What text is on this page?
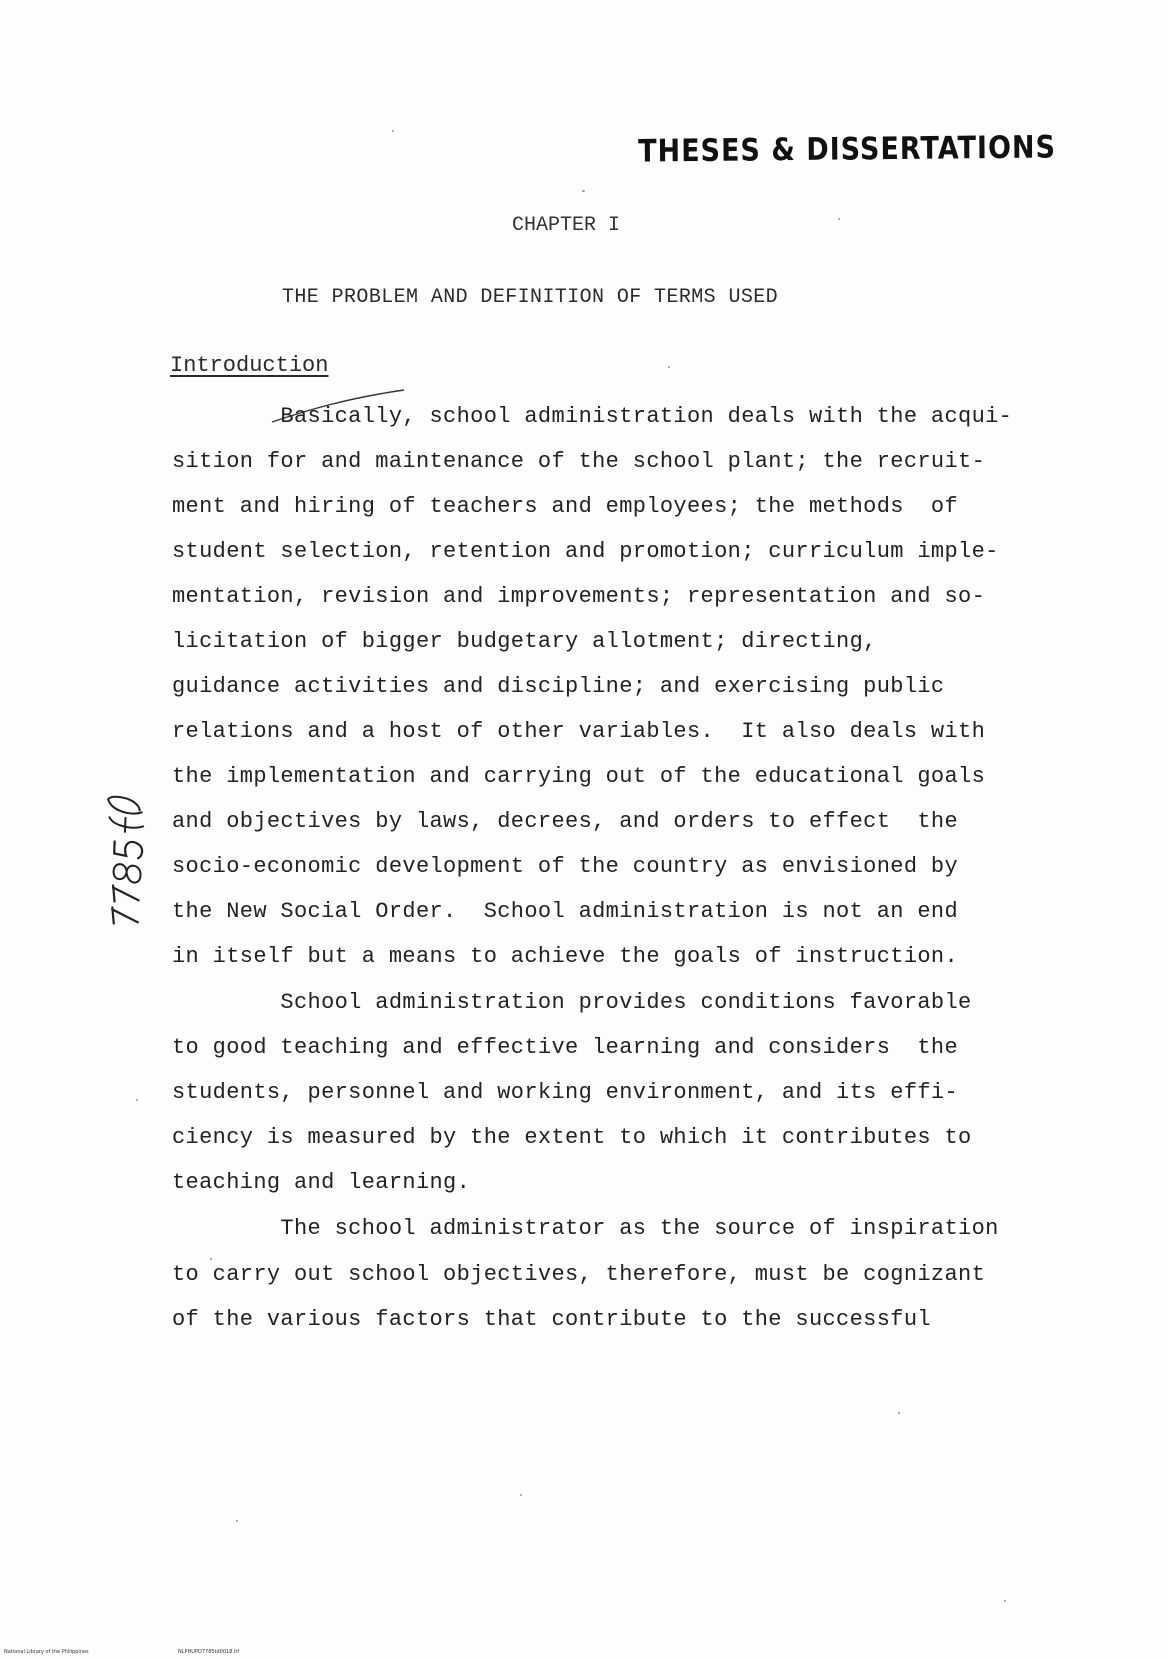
THESES & DISSERTATIONS
CHAPTER I
THE PROBLEM AND DEFINITION OF TERMS USED
Introduction
Basically, school administration deals with the acqui-
sition for and maintenance of the school plant; the recruit-
ment and hiring of teachers and employees; the methods  of
student selection, retention and promotion; curriculum imple-
mentation, revision and improvements; representation and so-
licitation of bigger budgetary allotment; directing,
guidance activities and discipline; and exercising public
relations and a host of other variables.  It also deals with
the implementation and carrying out of the educational goals
and objectives by laws, decrees, and orders to effect  the
socio-economic development of the country as envisioned by
the New Social Order.  School administration is not an end
in itself but a means to achieve the goals of instruction.
School administration provides conditions favorable
to good teaching and effective learning and considers  the
students, personnel and working environment, and its effi-
ciency is measured by the extent to which it contributes to
teaching and learning.
The school administrator as the source of inspiration
to carry out school objectives, therefore, must be cognizant
of the various factors that contribute to the successful
National Library of the Philippines	NLPHUPD7785td0018.tif
